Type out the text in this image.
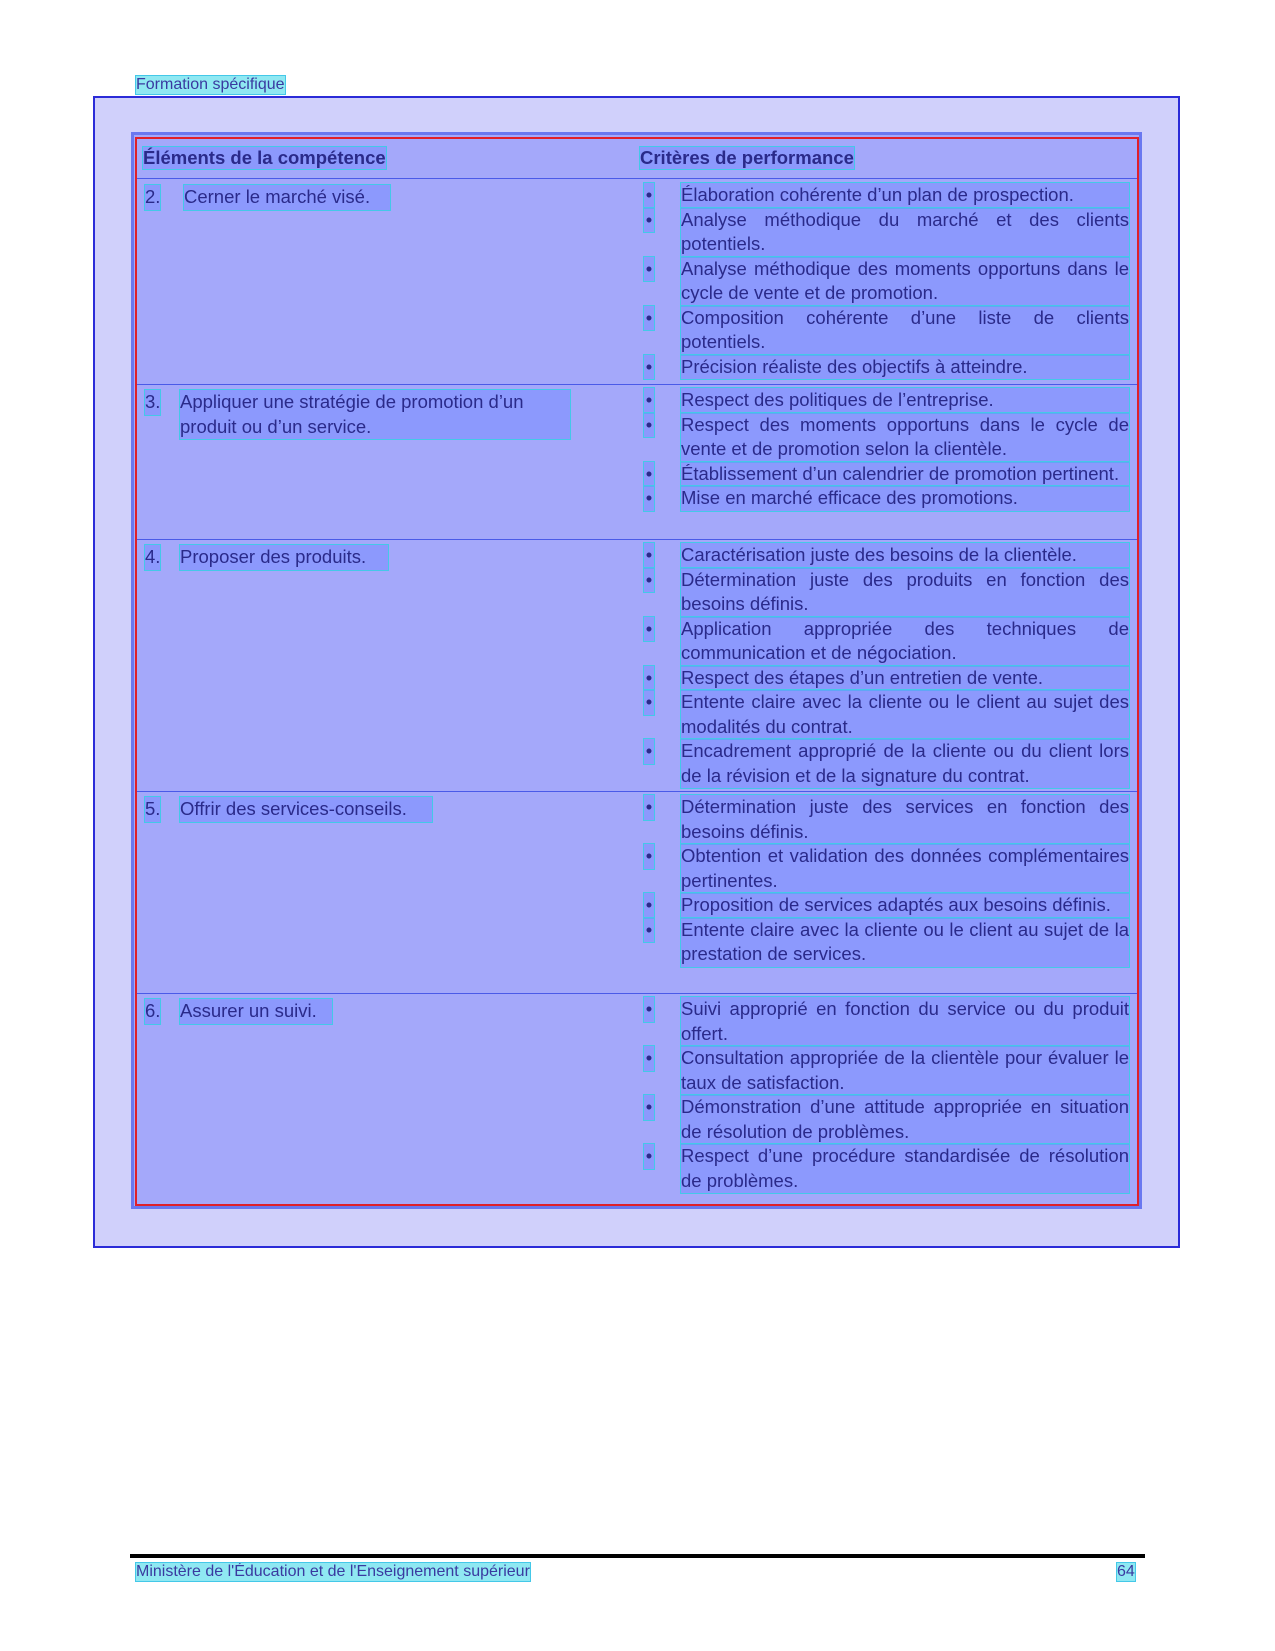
Formation spécifique
Éléments de la compétence	Critères de performance
2. Cerner le marché visé.	• Élaboration cohérente d’un plan de prospection.
• Analyse méthodique du marché et des clients potentiels.
• Analyse méthodique des moments opportuns dans le cycle de vente et de promotion.
• Composition cohérente d’une liste de clients potentiels.
• Précision réaliste des objectifs à atteindre.
3. Appliquer une stratégie de promotion d’un produit ou d’un service.
• Respect des politiques de l’entreprise.
• Respect des moments opportuns dans le cycle de vente et de promotion selon la clientèle.
• Établissement d’un calendrier de promotion pertinent.
• Mise en marché efficace des promotions.
4. Proposer des produits.	• Caractérisation juste des besoins de la clientèle.
• Détermination juste des produits en fonction des besoins définis.
• Application appropriée des techniques de communication et de négociation.
• Respect des étapes d’un entretien de vente.
• Entente claire avec la cliente ou le client au sujet des modalités du contrat.
• Encadrement approprié de la cliente ou du client lors de la révision et de la signature du contrat.
5. Offrir des services-conseils.	• Détermination juste des services en fonction des besoins définis.
• Obtention et validation des données complémentaires pertinentes.
• Proposition de services adaptés aux besoins définis.
• Entente claire avec la cliente ou le client au sujet de la prestation de services.
6. Assurer un suivi.	• Suivi approprié en fonction du service ou du produit offert.
• Consultation appropriée de la clientèle pour évaluer le taux de satisfaction.
• Démonstration d’une attitude appropriée en situation de résolution de problèmes.
• Respect d’une procédure standardisée de résolution de problèmes.
Ministère de l'Éducation et de l'Enseignement supérieur	64
